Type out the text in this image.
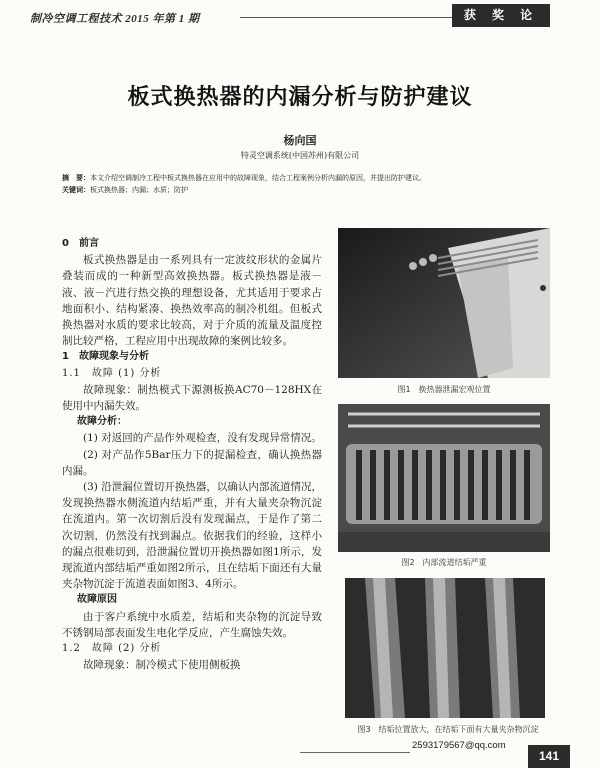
制冷空调工程技术 2015 年第 1 期	获 奖 论 文
板式换热器的内漏分析与防护建议
杨向国
特灵空调系统(中国苏州)有限公司
摘　要：本文介绍空调制冷工程中板式换热器在应用中的故障现象，结合工程案例分析内漏的原因，并提出防护建议。
关键词：板式换热器；内漏；水质；防护

0　前言

板式换热器是由一系列具有一定波纹形状的金属片叠装而成的一种新型高效换热器。板式换热器是液－液、液－汽进行热交换的理想设备，尤其适用于要求占地面积小、结构紧凑、换热效率高的制冷机组。但板式换热器对水质的要求比较高，对于介质的流量及温度控制比较严格，工程应用中出现故障的案例比较多。

1　故障现象与分析

1.1　故障 (1) 分析

故障现象：制热模式下源测板换AC70－128HX在使用中内漏失效。

故障分析：

(1) 对返回的产品作外观检查，没有发现异常情况。

(2) 对产品作5Bar压力下的捉漏检查，确认换热器内漏。

(3) 沿泄漏位置切开换热器，以确认内部流道情况，发现换热器水侧流道内结垢严重，并有大量夹杂物沉淀在流道内。第一次切割后没有发现漏点，于是作了第二次切割，仍然没有找到漏点。依据我们的经验，这样小的漏点很难切到，沿泄漏位置切开换热器如图1所示，发现流道内部结垢严重如图2所示，且在结垢下面还有大量夹杂物沉淀于流道表面如图3、4所示。

故障原因

由于客户系统中水质差，结垢和夹杂物的沉淀导致不锈钢局部表面发生电化学反应，产生腐蚀失效。

1.2　故障 (2) 分析

故障现象：制冷模式下使用侧板换

图1　换热器泄漏宏观位置
图2　内部流道结垢严重
图3　结垢位置放大，在结垢下面有大量夹杂物沉淀
2593179567@qq.com
141
